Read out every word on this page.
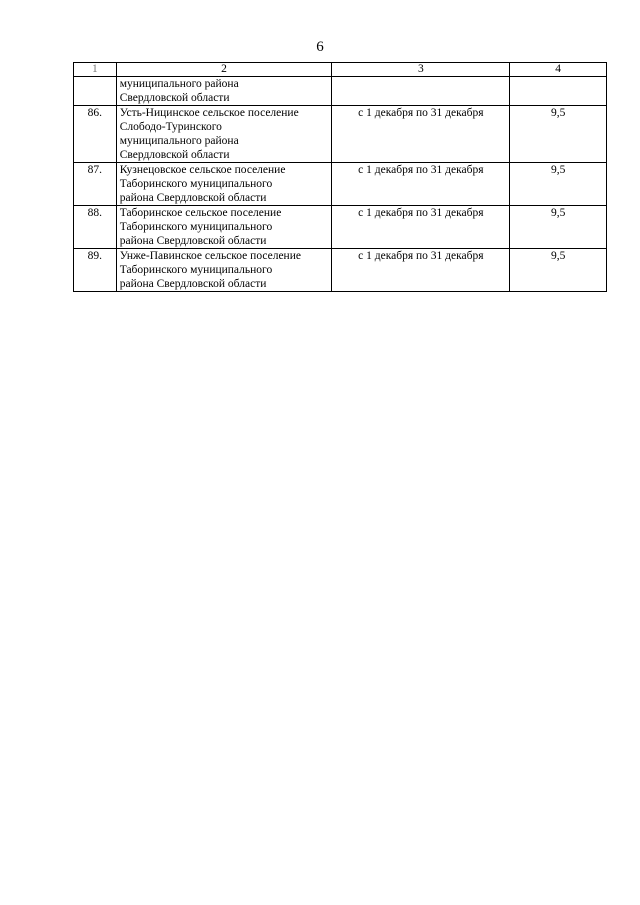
6
1	2	3	4

	муниципального района
Свердловской области		

86.	Усть-Ницинское сельское поселение
Слободо-Туринского
муниципального района
Свердловской области	с 1 декабря по 31 декабря	9,5
87.	Кузнецовское сельское поселение
Таборинского муниципального
района Свердловской области	с 1 декабря по 31 декабря	9,5
88.	Таборинское сельское поселение
Таборинского муниципального
района Свердловской области	с 1 декабря по 31 декабря	9,5
89.	Унже-Павинское сельское поселение
Таборинского муниципального
района Свердловской области	с 1 декабря по 31 декабря	9,5
